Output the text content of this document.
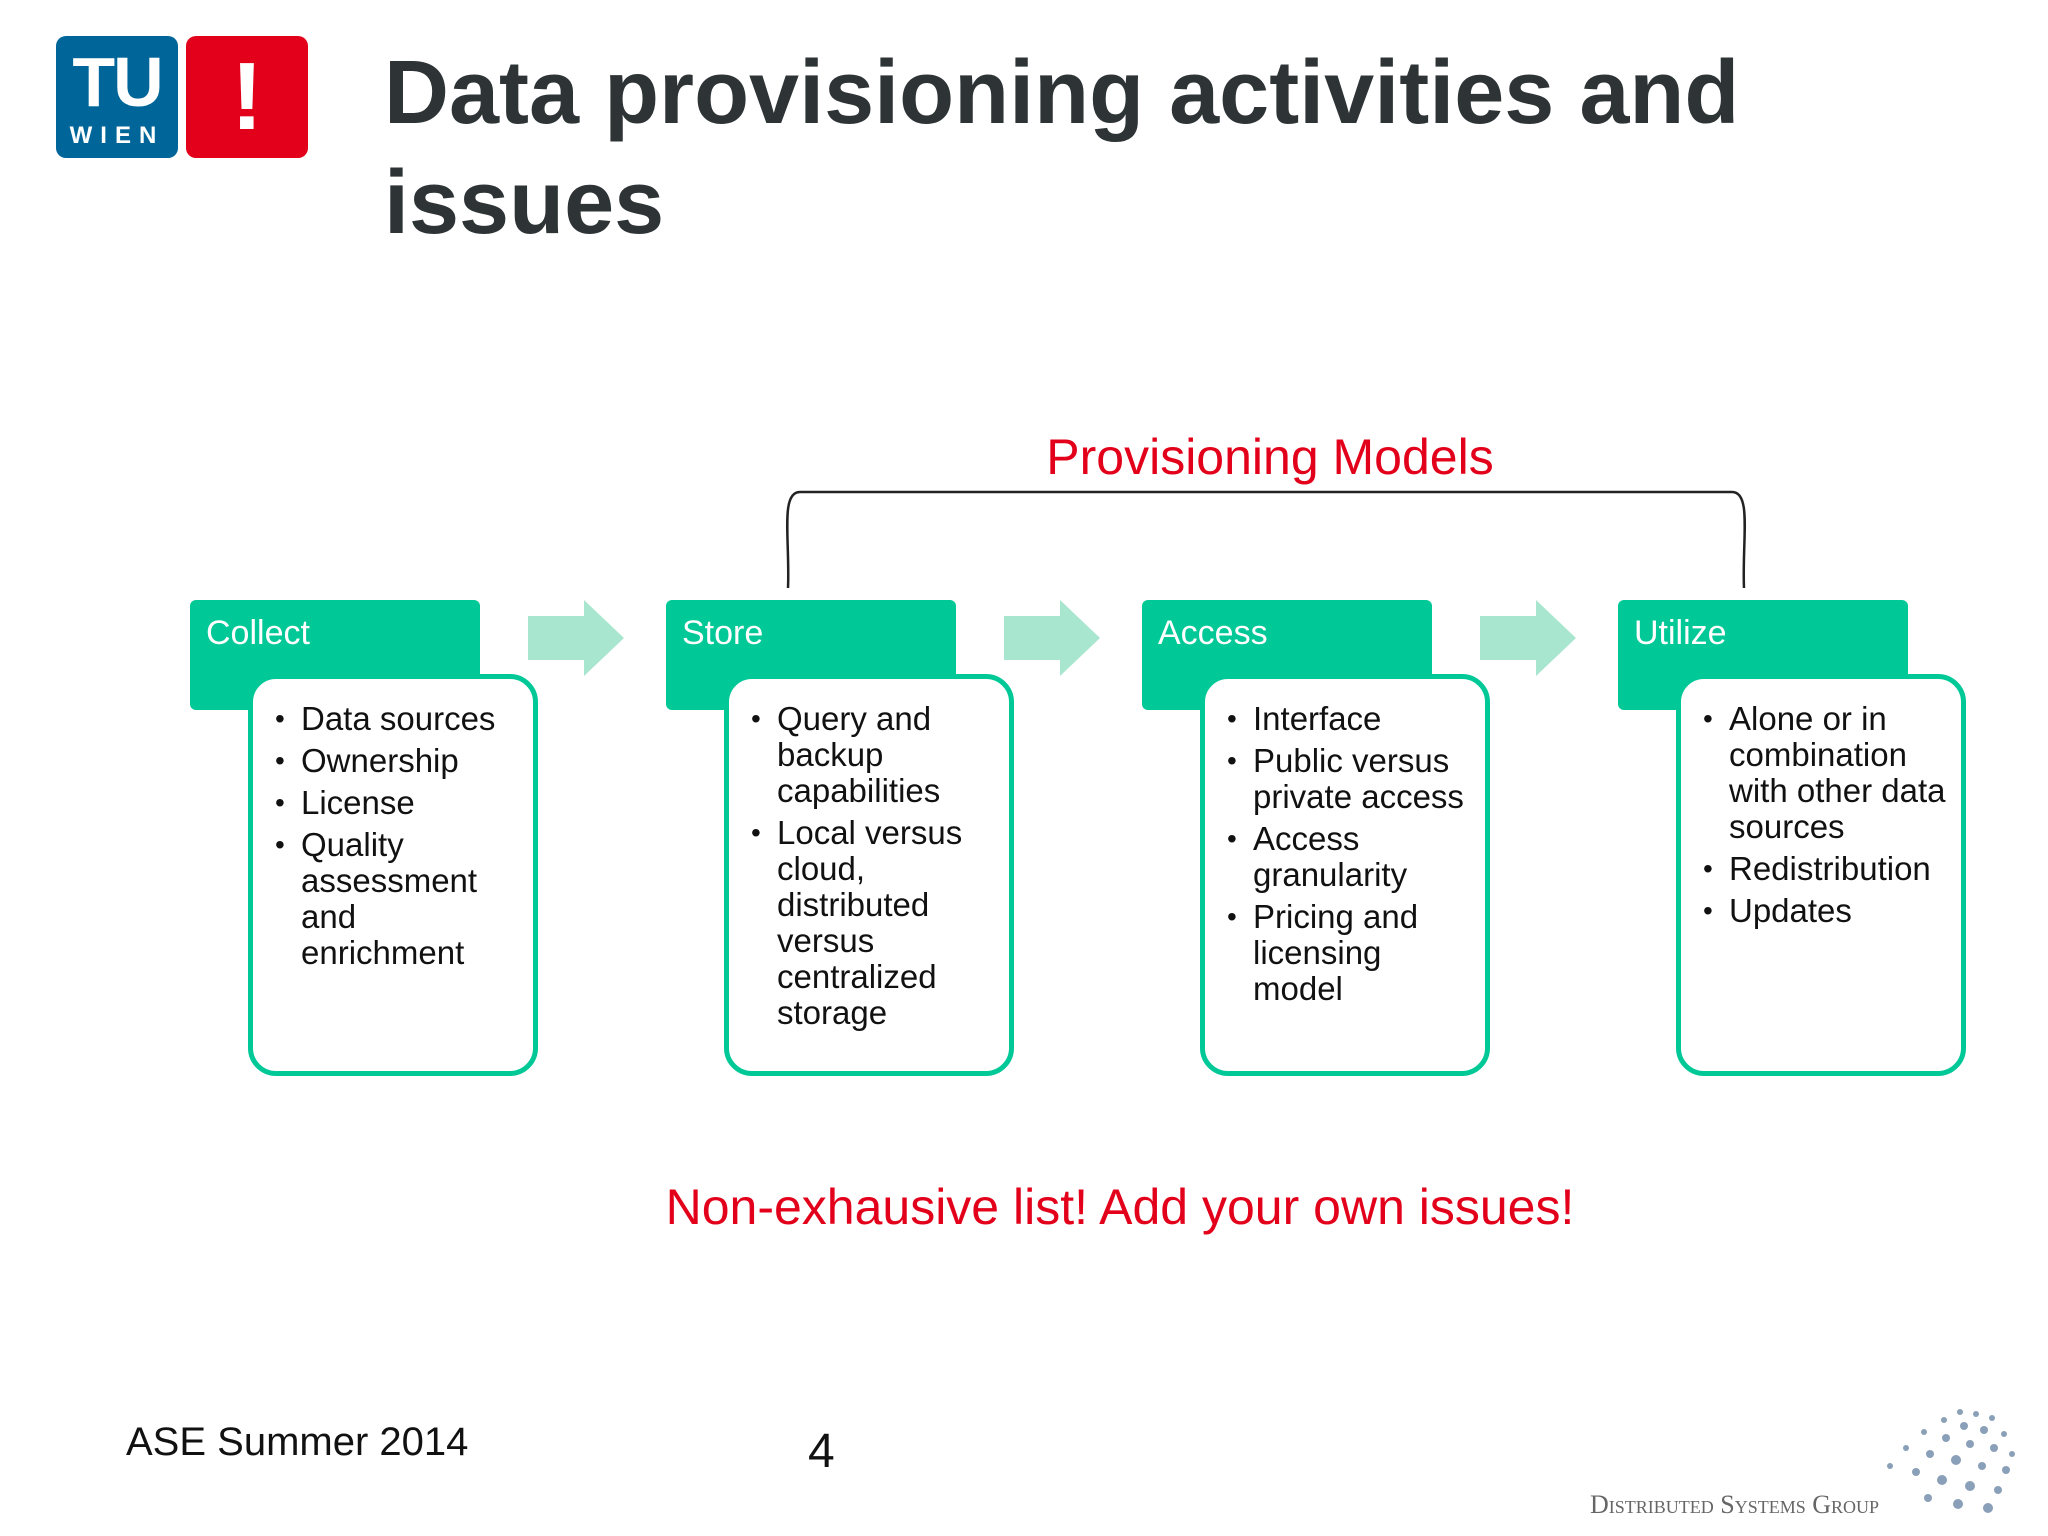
TU
WIEN !	Data provisioning activities and issues
Provisioning Models
Collect
• Data sources
• Ownership
• License
• Quality assessment and enrichment
Store
• Query and backup capabilities
• Local versus cloud, distributed versus centralized storage
Access
• Interface
• Public versus private access
• Access granularity
• Pricing and licensing model
Utilize
• Alone or in combination with other data sources
• Redistribution
• Updates
Non-exhausive list! Add your own issues!
ASE Summer 2014	4
Distributed Systems Group
